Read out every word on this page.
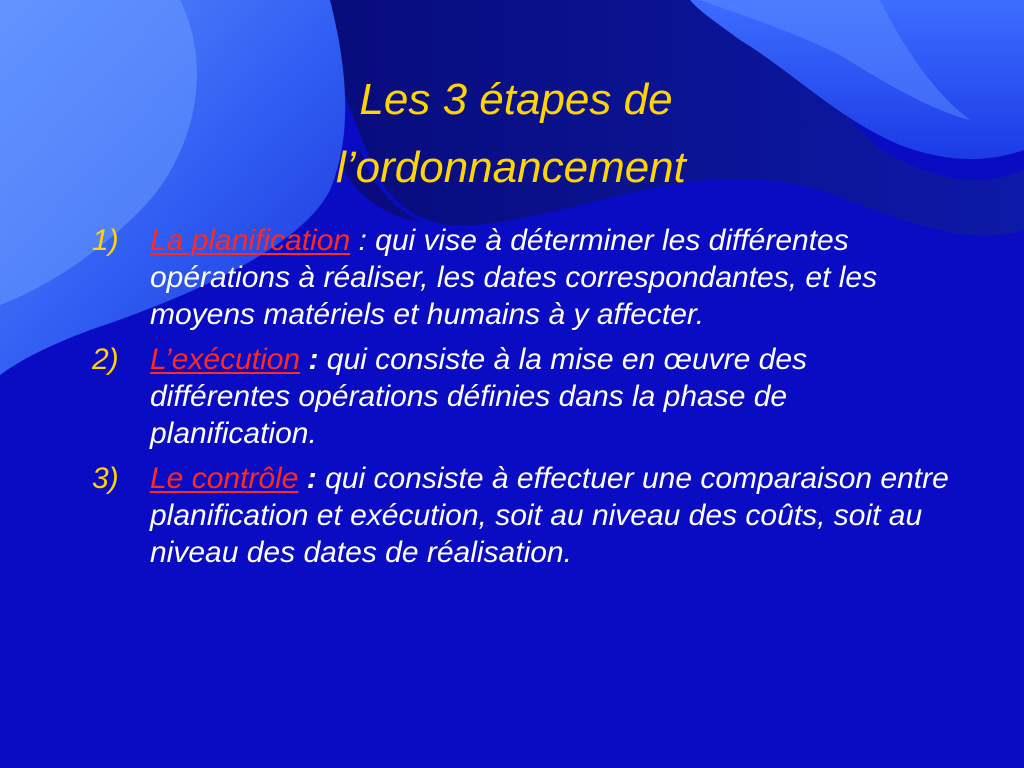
Les 3 étapes de
l’ordonnancement
1) La planification : qui vise à déterminer les différentes opérations à réaliser, les dates correspondantes, et les moyens matériels et humains à y affecter.
2) L’exécution : qui consiste à la mise en œuvre des différentes opérations définies dans la phase de planification.
3) Le contrôle : qui consiste à effectuer une comparaison entre planification et exécution, soit au niveau des coûts, soit au niveau des dates de réalisation.
